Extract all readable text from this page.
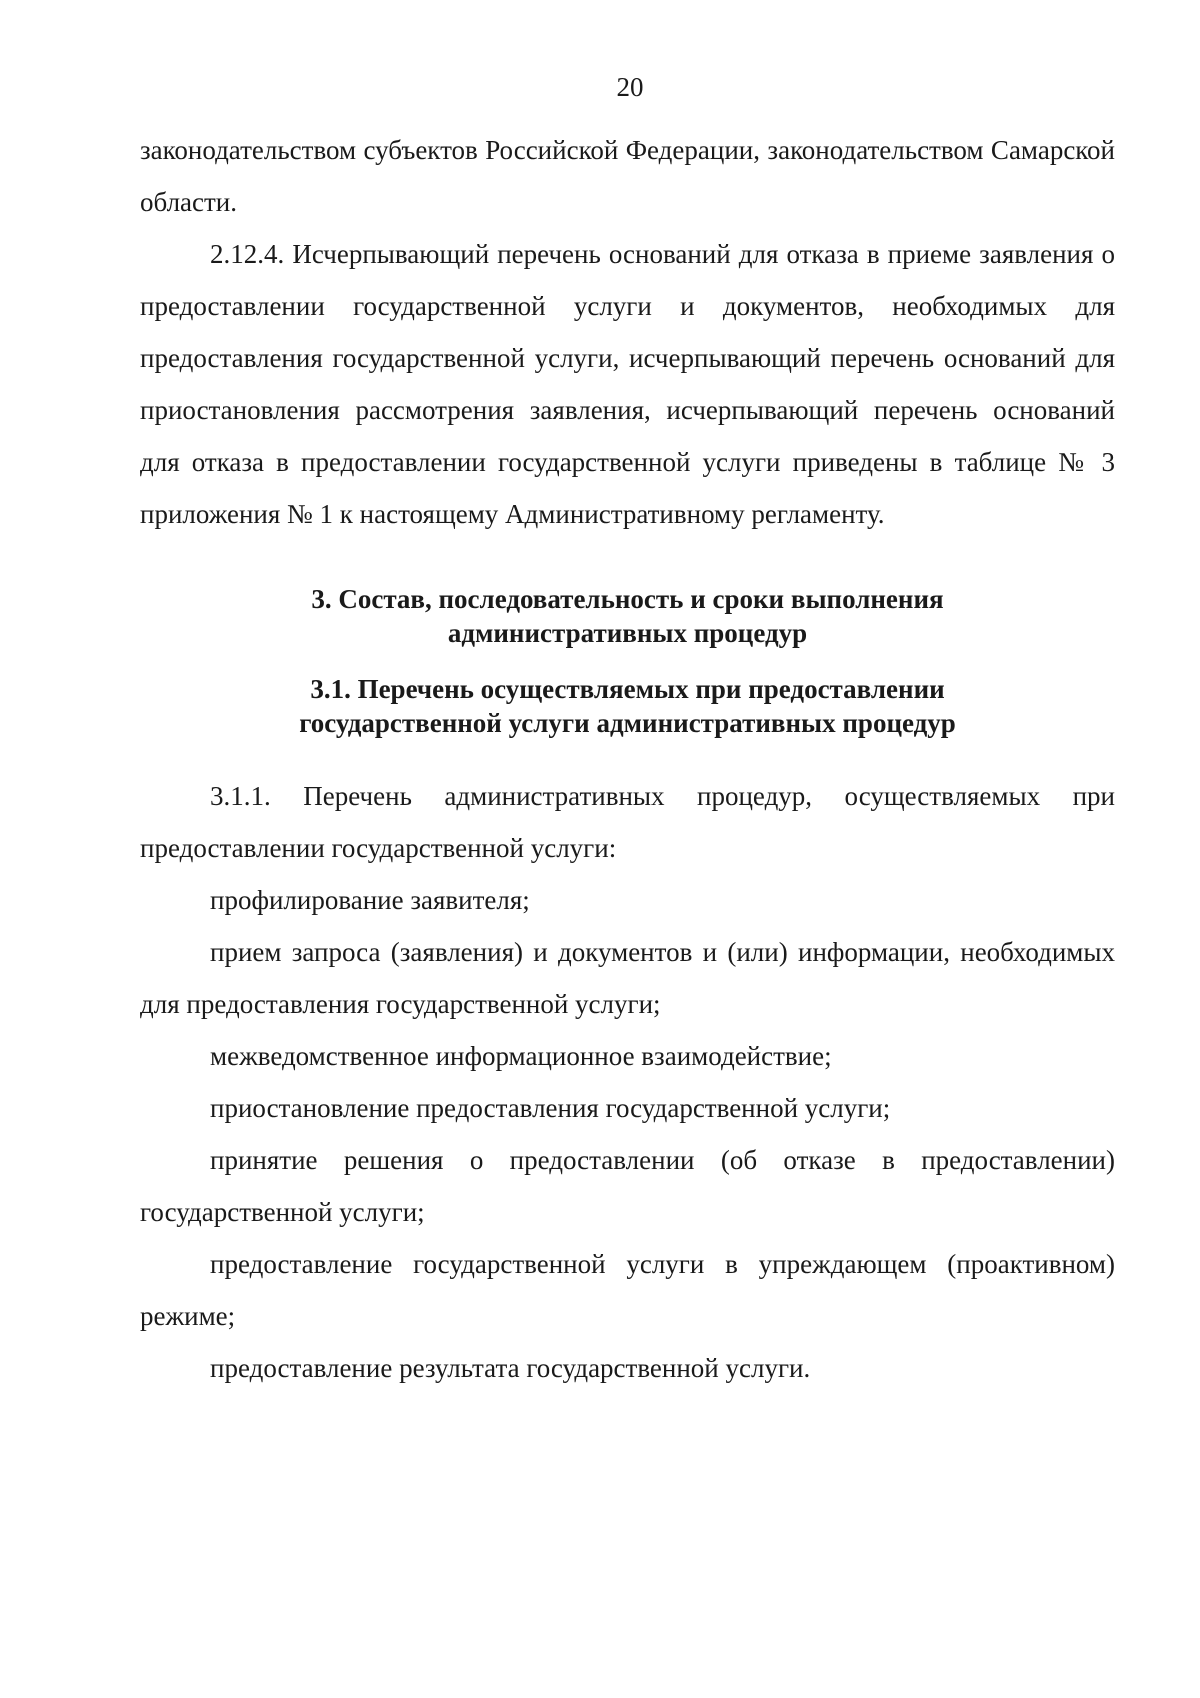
20

законодательством субъектов Российской Федерации, законодательством Самарской области.

2.12.4. Исчерпывающий перечень оснований для отказа в приеме заявления о предоставлении государственной услуги и документов, необходимых для предоставления государственной услуги, исчерпывающий перечень оснований для приостановления рассмотрения заявления, исчерпывающий перечень оснований для отказа в предоставлении государственной услуги приведены в таблице № 3 приложения № 1 к настоящему Административному регламенту.

3. Состав, последовательность и сроки выполнения
административных процедур
3.1. Перечень осуществляемых при предоставлении
государственной услуги административных процедур

3.1.1. Перечень административных процедур, осуществляемых при предоставлении государственной услуги:

профилирование заявителя;

прием запроса (заявления) и документов и (или) информации, необходимых для предоставления государственной услуги;

межведомственное информационное взаимодействие;

приостановление предоставления государственной услуги;

принятие решения о предоставлении (об отказе в предоставлении) государственной услуги;

предоставление государственной услуги в упреждающем (проактивном) режиме;

предоставление результата государственной услуги.
